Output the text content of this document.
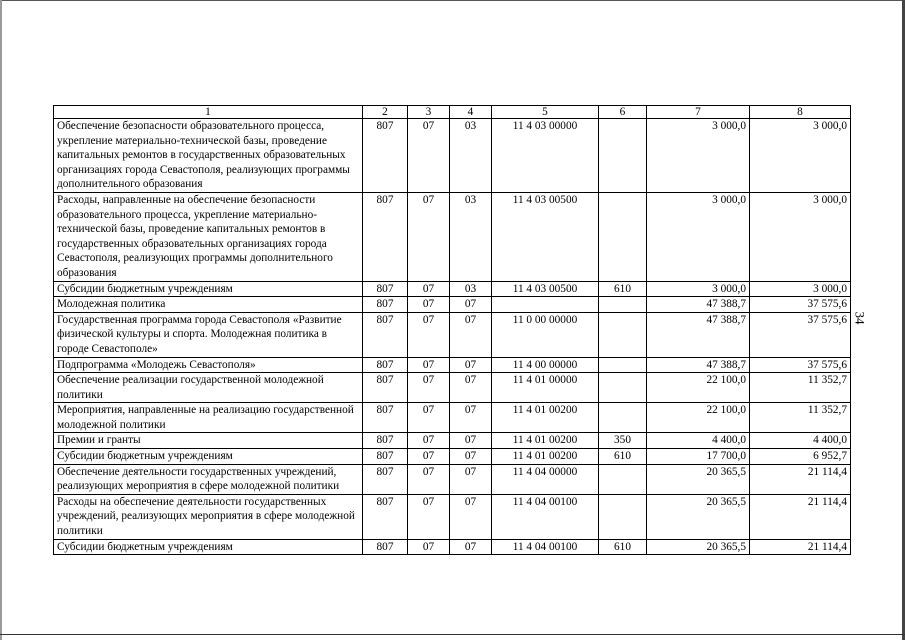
34
1	2	3	4	5	6	7	8
Обеспечение безопасности образовательного процесса, укрепление материально-технической базы, проведение капитальных ремонтов в государственных образовательных организациях города Севастополя, реализующих программы дополнительного образования	807	07	03	11 4 03 00000		3 000,0	3 000,0
Расходы, направленные на обеспечение безопасности образовательного процесса, укрепление материально-технической базы, проведение капитальных ремонтов в государственных образовательных организациях города Севастополя, реализующих программы дополнительного образования	807	07	03	11 4 03 00500		3 000,0	3 000,0
Субсидии бюджетным учреждениям	807	07	03	11 4 03 00500	610	3 000,0	3 000,0
Молодежная политика	807	07	07			47 388,7	37 575,6
Государственная программа города Севастополя «Развитие физической культуры и спорта. Молодежная политика в городе Севастополе»	807	07	07	11 0 00 00000		47 388,7	37 575,6
Подпрограмма «Молодежь Севастополя»	807	07	07	11 4 00 00000		47 388,7	37 575,6
Обеспечение реализации государственной молодежной политики	807	07	07	11 4 01 00000		22 100,0	11 352,7
Мероприятия, направленные на реализацию государственной молодежной политики	807	07	07	11 4 01 00200		22 100,0	11 352,7
Премии и гранты	807	07	07	11 4 01 00200	350	4 400,0	4 400,0
Субсидии бюджетным учреждениям	807	07	07	11 4 01 00200	610	17 700,0	6 952,7
Обеспечение деятельности государственных учреждений, реализующих мероприятия в сфере молодежной политики	807	07	07	11 4 04 00000		20 365,5	21 114,4
Расходы на обеспечение деятельности государственных учреждений, реализующих мероприятия в сфере молодежной политики	807	07	07	11 4 04 00100		20 365,5	21 114,4
Субсидии бюджетным учреждениям	807	07	07	11 4 04 00100	610	20 365,5	21 114,4
